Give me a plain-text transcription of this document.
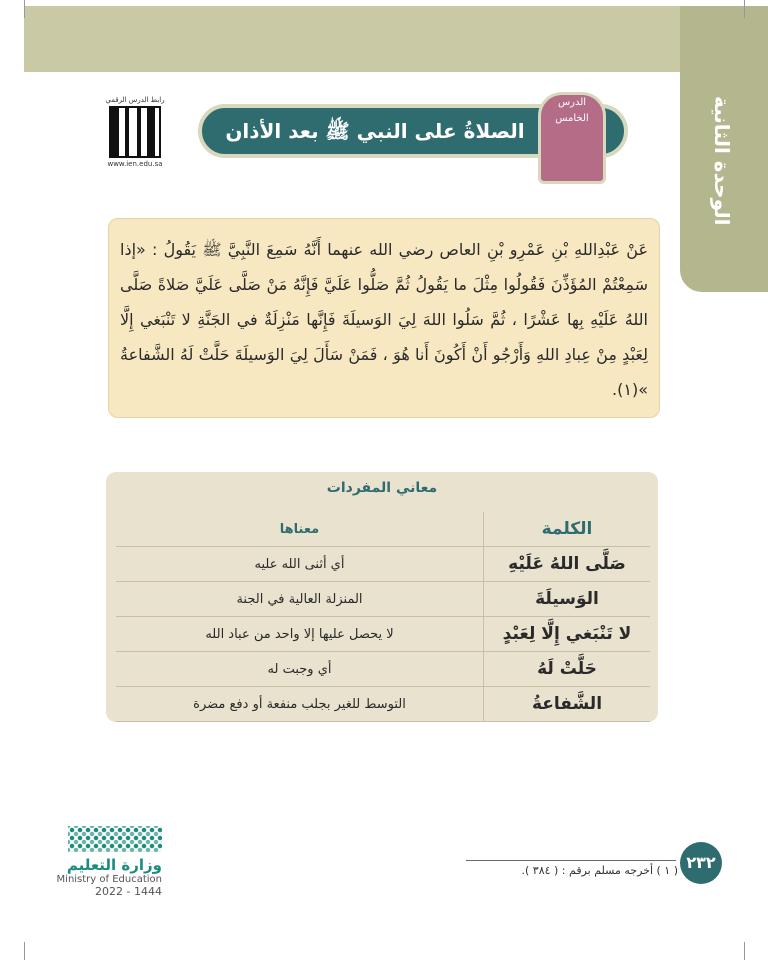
الوحدة الثانية
رابط الدرس الرقمي
www.ien.edu.sa
الصلاةُ على النبي ﷺ بعد الأذان
الدرس
الخامس
عَنْ عَبْدِاللهِ بْنِ عَمْرِو بْنِ العاص رضي الله عنهما أَنَّهُ سَمِعَ النَّبِيَّ ﷺ يَقُولُ : «إذا سَمِعْتُمْ المُؤَذِّنَ فَقُولُوا مِثْلَ ما يَقُولُ ثُمَّ صَلُّوا عَلَيَّ فَإِنَّهُ مَنْ صَلَّى عَلَيَّ صَلاةً صَلَّى اللهُ عَلَيْهِ بِها عَشْرًا ، ثُمَّ سَلُوا اللهَ لِيَ الوَسيلَةَ فَإِنَّها مَنْزِلَةٌ في الجَنَّةِ لا تَنْبَغي إِلَّا لِعَبْدٍ مِنْ عِبادِ اللهِ وَأَرْجُو أَنْ أَكُونَ أَنا هُوَ ، فَمَنْ سَأَلَ لِيَ الوَسيلَةَ حَلَّتْ لَهُ الشَّفاعةُ »(١).
معاني المفردات
الكلمة	معناها
صَلَّى اللهُ عَلَيْهِ	أي أثنى الله عليه
الوَسيلَةَ	المنزلة العالية في الجنة
لا تَنْبَغي إِلَّا لِعَبْدٍ	لا يحصل عليها إلا واحد من عباد الله
حَلَّتْ لَهُ	أي وجبت له
الشَّفاعةُ	التوسط للغير بجلب منفعة أو دفع مضرة
( ١ ) أخرجه مسلم برقم : ( ٣٨٤ ). ٢٣٢
وزارة التعليم
Ministry of Education
2022 - 1444
